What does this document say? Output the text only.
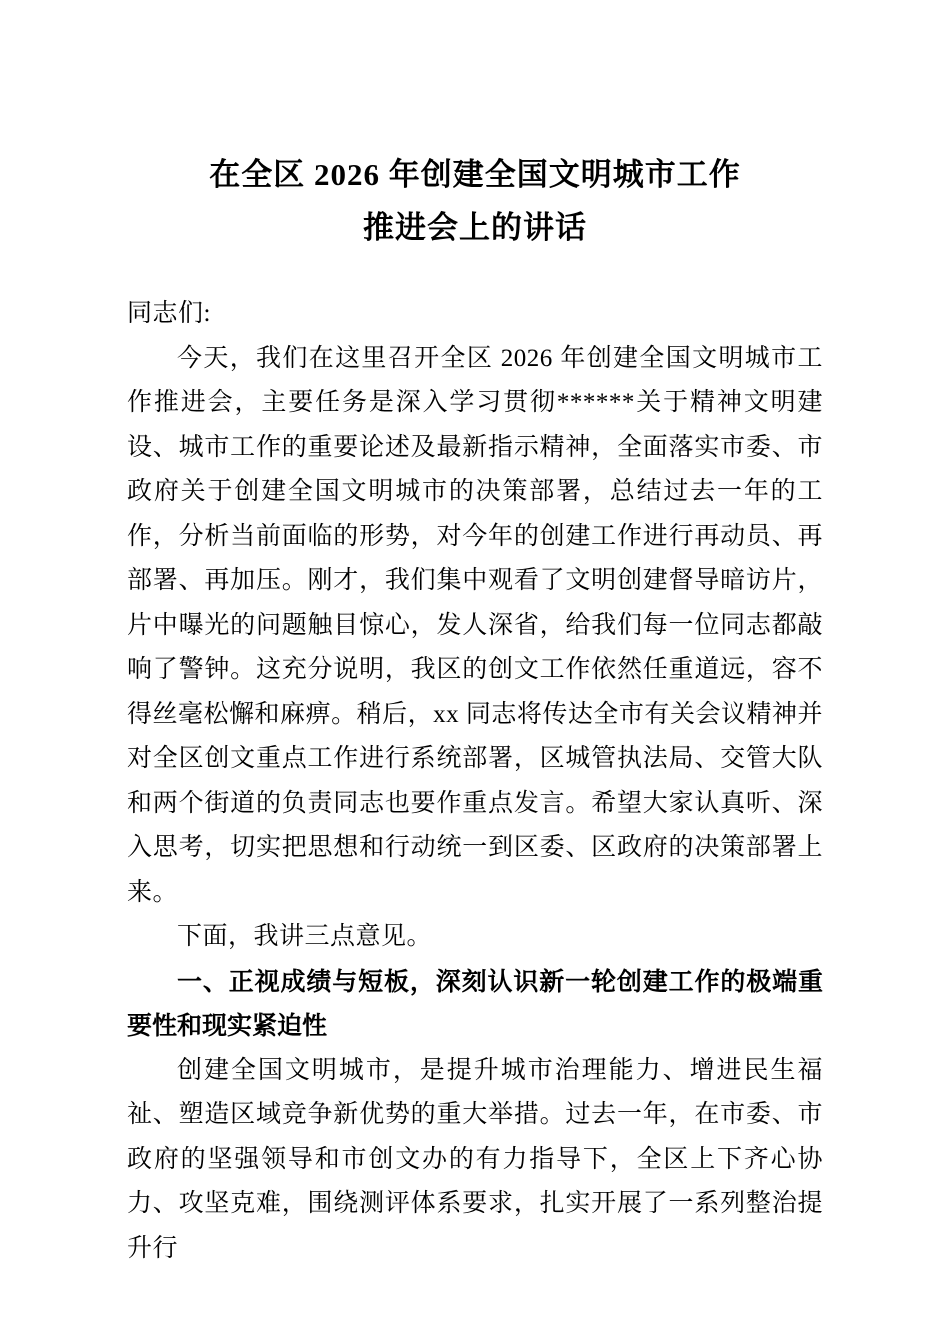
在全区 2026 年创建全国文明城市工作
推进会上的讲话

同志们:

今天，我们在这里召开全区 2026 年创建全国文明城市工作推进会，主要任务是深入学习贯彻******关于精神文明建设、城市工作的重要论述及最新指示精神，全面落实市委、市政府关于创建全国文明城市的决策部署，总结过去一年的工作，分析当前面临的形势，对今年的创建工作进行再动员、再部署、再加压。刚才，我们集中观看了文明创建督导暗访片，片中曝光的问题触目惊心，发人深省，给我们每一位同志都敲响了警钟。这充分说明，我区的创文工作依然任重道远，容不得丝毫松懈和麻痹。稍后，xx 同志将传达全市有关会议精神并对全区创文重点工作进行系统部署，区城管执法局、交管大队和两个街道的负责同志也要作重点发言。希望大家认真听、深入思考，切实把思想和行动统一到区委、区政府的决策部署上来。

下面，我讲三点意见。

一、正视成绩与短板，深刻认识新一轮创建工作的极端重要性和现实紧迫性

创建全国文明城市，是提升城市治理能力、增进民生福祉、塑造区域竞争新优势的重大举措。过去一年，在市委、市政府的坚强领导和市创文办的有力指导下，全区上下齐心协力、攻坚克难，围绕测评体系要求，扎实开展了一系列整治提升行
